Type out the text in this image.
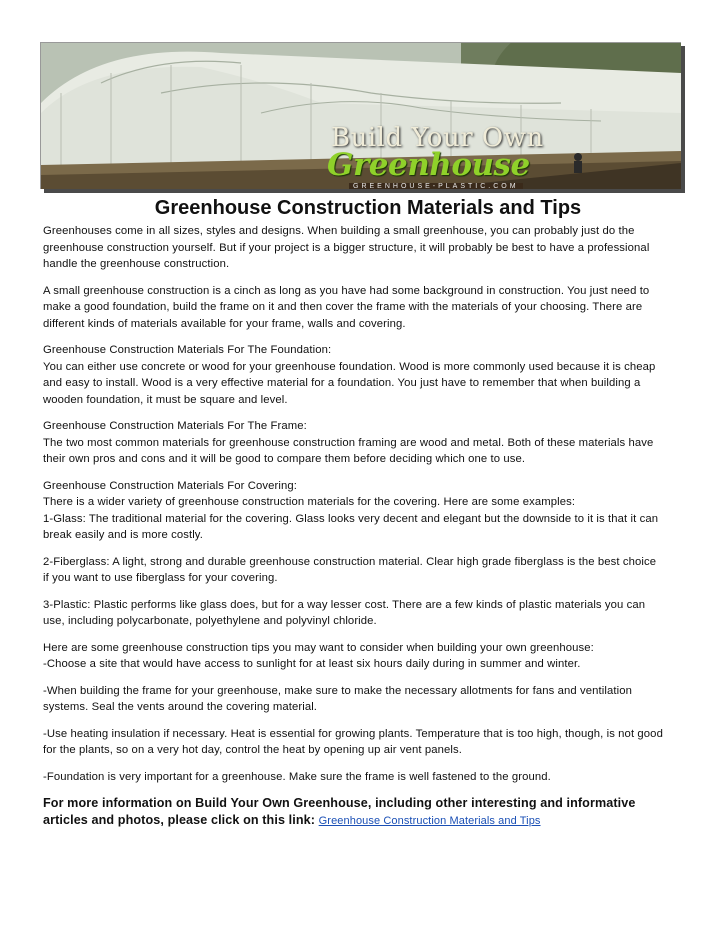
Build Your Own
Greenhouse
GREENHOUSE-PLASTIC.COM
Greenhouse Construction Materials and Tips

Greenhouses come in all sizes, styles and designs. When building a small greenhouse, you can probably just do the
greenhouse construction yourself. But if your project is a bigger structure, it will probably be best to have a professional
handle the greenhouse construction.

A small greenhouse construction is a cinch as long as you have had some background in construction. You just need to
make a good foundation, build the frame on it and then cover the frame with the materials of your choosing. There are
different kinds of materials available for your frame, walls and covering.

Greenhouse Construction Materials For The Foundation:
You can either use concrete or wood for your greenhouse foundation. Wood is more commonly used because it is cheap
and easy to install. Wood is a very effective material for a foundation. You just have to remember that when building a
wooden foundation, it must be square and level.

Greenhouse Construction Materials For The Frame:
The two most common materials for greenhouse construction framing are wood and metal. Both of these materials have
their own pros and cons and it will be good to compare them before deciding which one to use.

Greenhouse Construction Materials For Covering:
There is a wider variety of greenhouse construction materials for the covering. Here are some examples:
1-Glass: The traditional material for the covering. Glass looks very decent and elegant but the downside to it is that it can
break easily and is more costly.

2-Fiberglass: A light, strong and durable greenhouse construction material. Clear high grade fiberglass is the best choice
if you want to use fiberglass for your covering.

3-Plastic: Plastic performs like glass does, but for a way lesser cost. There are a few kinds of plastic materials you can
use, including polycarbonate, polyethylene and polyvinyl chloride.

Here are some greenhouse construction tips you may want to consider when building your own greenhouse:
-Choose a site that would have access to sunlight for at least six hours daily during in summer and winter.

-When building the frame for your greenhouse, make sure to make the necessary allotments for fans and ventilation
systems. Seal the vents around the covering material.

-Use heating insulation if necessary. Heat is essential for growing plants. Temperature that is too high, though, is not good
for the plants, so on a very hot day, control the heat by opening up air vent panels.

-Foundation is very important for a greenhouse. Make sure the frame is well fastened to the ground.

For more information on Build Your Own Greenhouse, including other interesting and informative
articles and photos, please click on this link: Greenhouse Construction Materials and Tips
